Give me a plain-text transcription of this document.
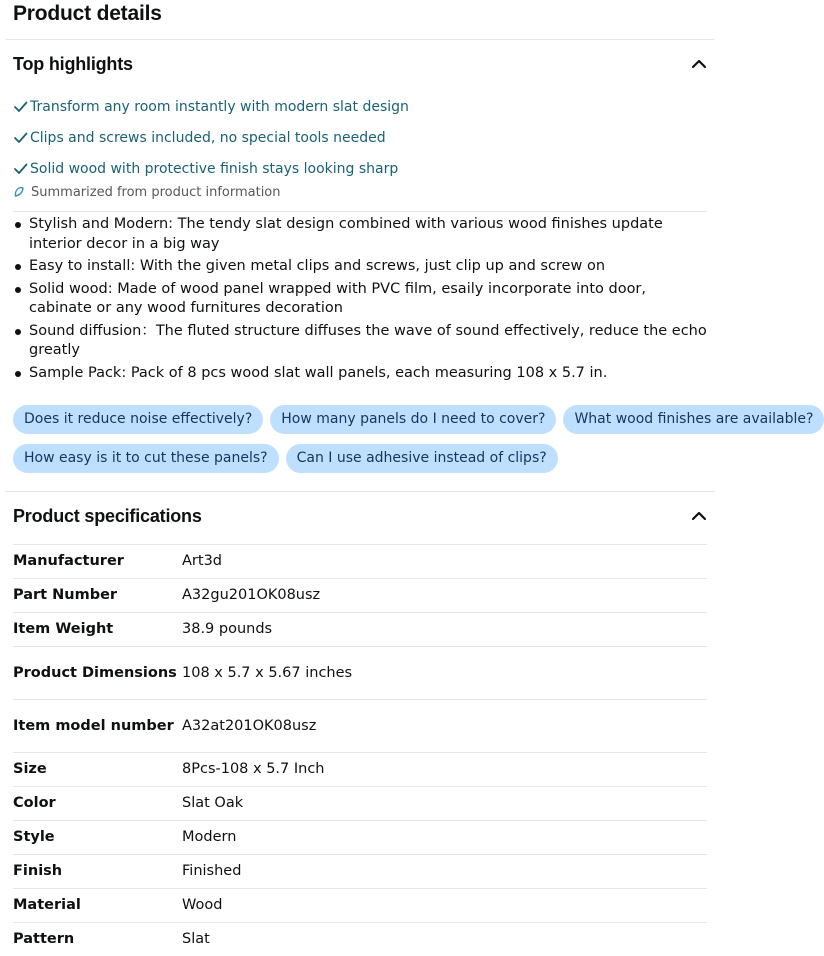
Product details
Top highlights
Transform any room instantly with modern slat design
Clips and screws included, no special tools needed
Solid wood with protective finish stays looking sharp
Summarized from product information
Stylish and Modern: The tendy slat design combined with various wood finishes update interior decor in a big way
Easy to install: With the given metal clips and screws, just clip up and screw on
Solid wood: Made of wood panel wrapped with PVC film, esaily incorporate into door, cabinate or any wood furnitures decoration
Sound diffusion：The fluted structure diffuses the wave of sound effectively, reduce the echo greatly
Sample Pack: Pack of 8 pcs wood slat wall panels, each measuring 108 x 5.7 in.
Does it reduce noise effectively?	How many panels do I need to cover?	What wood finishes are available?
How easy is it to cut these panels?	Can I use adhesive instead of clips?
Product specifications
Manufacturer	Art3d
Part Number	A32gu201OK08usz
Item Weight	38.9 pounds
Product Dimensions 108 x 5.7 x 5.67 inches
Item model number A32at201OK08usz
Size	8Pcs-108 x 5.7 Inch
Color	Slat Oak
Style	Modern
Finish	Finished
Material	Wood
Pattern	Slat
